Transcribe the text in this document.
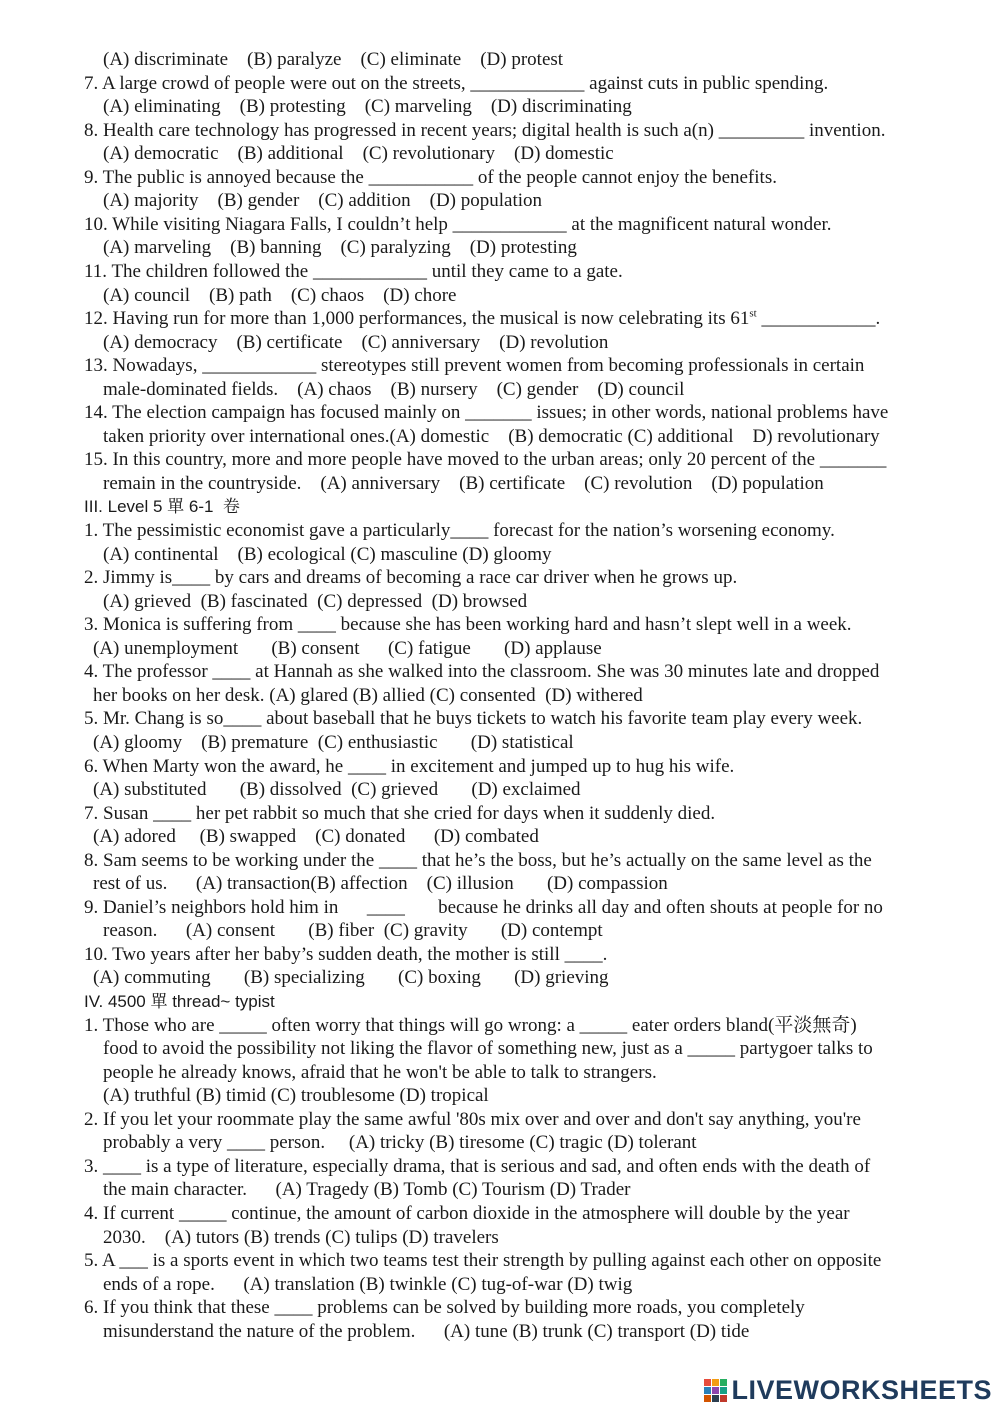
(A) discriminate    (B) paralyze    (C) eliminate    (D) protest
7. A large crowd of people were out on the streets, ____________ against cuts in public spending.
(A) eliminating    (B) protesting    (C) marveling    (D) discriminating
8. Health care technology has progressed in recent years; digital health is such a(n) _________ invention.
(A) democratic    (B) additional    (C) revolutionary    (D) domestic
9. The public is annoyed because the ___________ of the people cannot enjoy the benefits.
(A) majority    (B) gender    (C) addition    (D) population
10. While visiting Niagara Falls, I couldn’t help ____________ at the magnificent natural wonder.
(A) marveling    (B) banning    (C) paralyzing    (D) protesting
11. The children followed the ____________ until they came to a gate.
(A) council    (B) path    (C) chaos    (D) chore
12. Having run for more than 1,000 performances, the musical is now celebrating its 61st ____________.
(A) democracy    (B) certificate    (C) anniversary    (D) revolution
13. Nowadays, ____________ stereotypes still prevent women from becoming professionals in certain
male-dominated fields.    (A) chaos    (B) nursery    (C) gender    (D) council
14. The election campaign has focused mainly on _______ issues; in other words, national problems have
taken priority over international ones.(A) domestic    (B) democratic (C) additional    D) revolutionary
15. In this country, more and more people have moved to the urban areas; only 20 percent of the _______
remain in the countryside.    (A) anniversary    (B) certificate    (C) revolution    (D) population
III. Level 5 單 6-1  卷
1. The pessimistic economist gave a particularly____ forecast for the nation’s worsening economy.
(A) continental    (B) ecological (C) masculine (D) gloomy
2. Jimmy is____ by cars and dreams of becoming a race car driver when he grows up.
(A) grieved  (B) fascinated  (C) depressed  (D) browsed
3. Monica is suffering from ____ because she has been working hard and hasn’t slept well in a week.
(A) unemployment       (B) consent      (C) fatigue       (D) applause
4. The professor ____ at Hannah as she walked into the classroom. She was 30 minutes late and dropped
her books on her desk. (A) glared (B) allied (C) consented  (D) withered
5. Mr. Chang is so____ about baseball that he buys tickets to watch his favorite team play every week.
(A) gloomy    (B) premature  (C) enthusiastic       (D) statistical
6. When Marty won the award, he ____ in excitement and jumped up to hug his wife.
(A) substituted       (B) dissolved  (C) grieved       (D) exclaimed
7. Susan ____ her pet rabbit so much that she cried for days when it suddenly died.
(A) adored     (B) swapped    (C) donated      (D) combated
8. Sam seems to be working under the ____ that he’s the boss, but he’s actually on the same level as the
rest of us.      (A) transaction(B) affection    (C) illusion       (D) compassion
9. Daniel’s neighbors hold him in      ____       because he drinks all day and often shouts at people for no
reason.      (A) consent       (B) fiber  (C) gravity       (D) contempt
10. Two years after her baby’s sudden death, the mother is still ____.
(A) commuting       (B) specializing       (C) boxing       (D) grieving
IV. 4500 單 thread~ typist
1. Those who are _____ often worry that things will go wrong: a _____ eater orders bland(平淡無奇)
food to avoid the possibility not liking the flavor of something new, just as a _____ partygoer talks to
people he already knows, afraid that he won't be able to talk to strangers.
(A) truthful (B) timid (C) troublesome (D) tropical
2. If you let your roommate play the same awful '80s mix over and over and don't say anything, you're
probably a very ____ person.     (A) tricky (B) tiresome (C) tragic (D) tolerant
3. ____ is a type of literature, especially drama, that is serious and sad, and often ends with the death of
the main character.      (A) Tragedy (B) Tomb (C) Tourism (D) Trader
4. If current _____ continue, the amount of carbon dioxide in the atmosphere will double by the year
2030.    (A) tutors (B) trends (C) tulips (D) travelers
5. A ___ is a sports event in which two teams test their strength by pulling against each other on opposite
ends of a rope.      (A) translation (B) twinkle (C) tug-of-war (D) twig
6. If you think that these ____ problems can be solved by building more roads, you completely
misunderstand the nature of the problem.      (A) tune (B) trunk (C) transport (D) tide
LIVEWORKSHEETS
